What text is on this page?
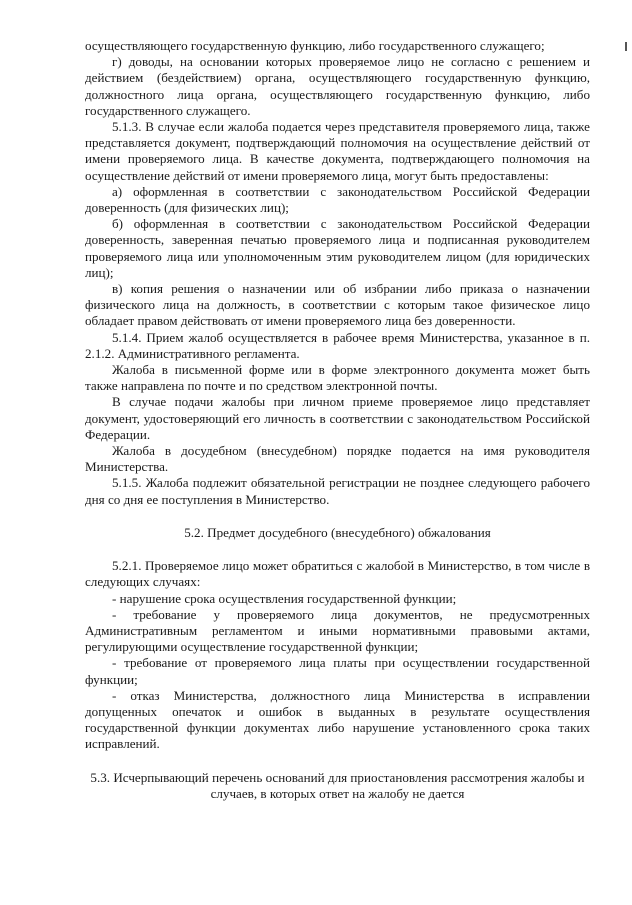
осуществляющего государственную функцию, либо государственного служащего;

г) доводы, на основании которых проверяемое лицо не согласно с решением и действием (бездействием) органа, осуществляющего государственную функцию, должностного лица органа, осуществляющего государственную функцию, либо государственного служащего.

5.1.3. В случае если жалоба подается через представителя проверяемого лица, также представляется документ, подтверждающий полномочия на осуществление действий от имени проверяемого лица. В качестве документа, подтверждающего полномочия на осуществление действий от имени проверяемого лица, могут быть предоставлены:

а) оформленная в соответствии с законодательством Российской Федерации доверенность (для физических лиц);

б) оформленная в соответствии с законодательством Российской Федерации доверенность, заверенная печатью проверяемого лица и подписанная руководителем проверяемого лица или уполномоченным этим руководителем лицом (для юридических лиц);

в) копия решения о назначении или об избрании либо приказа о назначении физического лица на должность, в соответствии с которым такое физическое лицо обладает правом действовать от имени проверяемого лица без доверенности.

5.1.4. Прием жалоб осуществляется в рабочее время Министерства, указанное в п. 2.1.2. Административного регламента.

Жалоба в письменной форме или в форме электронного документа может быть также направлена по почте и по средством электронной почты.

В случае подачи жалобы при личном приеме проверяемое лицо представляет документ, удостоверяющий его личность в соответствии с законодательством Российской Федерации.

Жалоба в досудебном (внесудебном) порядке подается на имя руководителя Министерства.

5.1.5. Жалоба подлежит обязательной регистрации не позднее следующего рабочего дня со дня ее поступления в Министерство.

5.2. Предмет досудебного (внесудебного) обжалования

5.2.1. Проверяемое лицо может обратиться с жалобой в Министерство, в том числе в следующих случаях:

- нарушение срока осуществления государственной функции;

- требование у проверяемого лица документов, не предусмотренных Административным регламентом и иными нормативными правовыми актами, регулирующими осуществление государственной функции;

- требование от проверяемого лица платы при осуществлении государственной функции;

- отказ Министерства, должностного лица Министерства в исправлении допущенных опечаток и ошибок в выданных в результате осуществления государственной функции документах либо нарушение установленного срока таких исправлений.

5.3. Исчерпывающий перечень оснований для приостановления рассмотрения жалобы и случаев, в которых ответ на жалобу не дается
